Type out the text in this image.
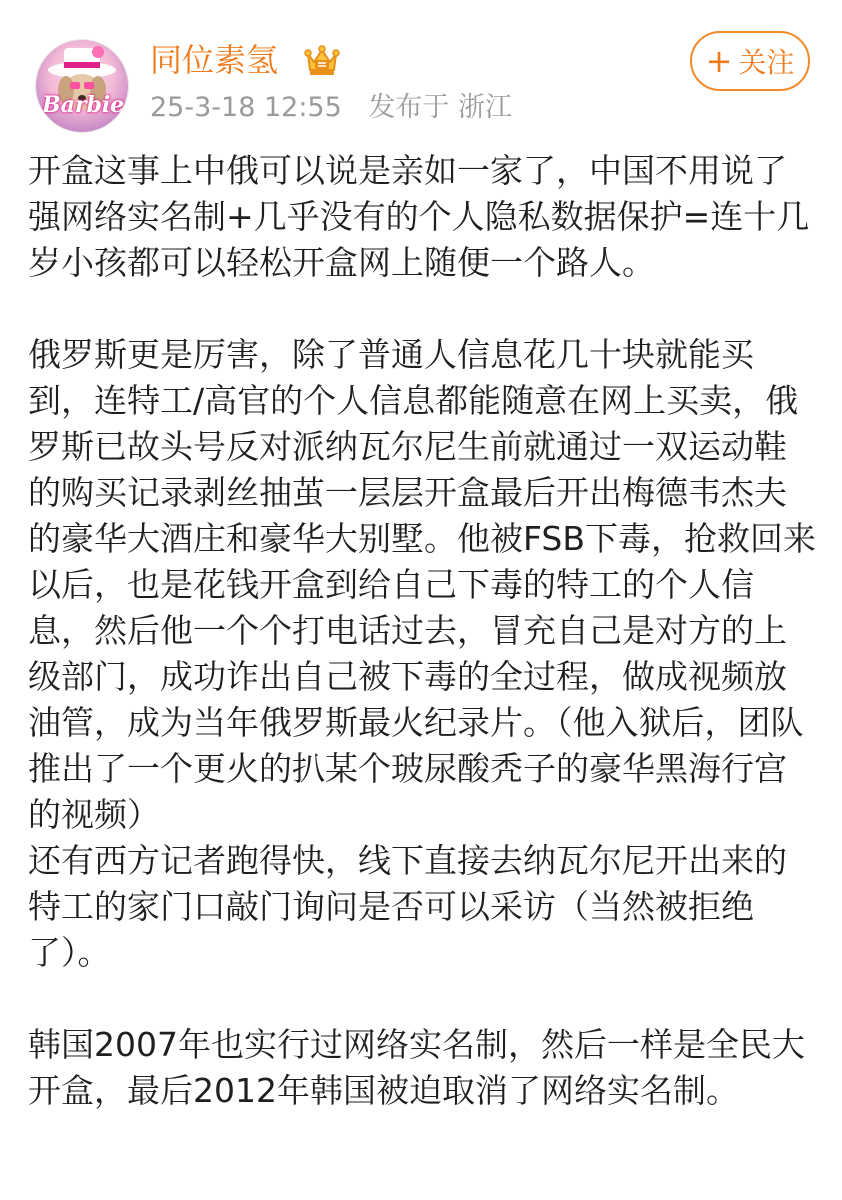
Barbie
同位素氢
25-3-18 12:55 发布于 浙江
+ 关注

开盒这事上中俄可以说是亲如一家了，中国不用说了强网络实名制+几乎没有的个人隐私数据保护=连十几岁小孩都可以轻松开盒网上随便一个路人。

俄罗斯更是厉害，除了普通人信息花几十块就能买到，连特工/高官的个人信息都能随意在网上买卖，俄罗斯已故头号反对派纳瓦尔尼生前就通过一双运动鞋的购买记录剥丝抽茧一层层开盒最后开出梅德韦杰夫的豪华大酒庄和豪华大别墅。他被FSB下毒，抢救回来以后，也是花钱开盒到给自己下毒的特工的个人信息，然后他一个个打电话过去，冒充自己是对方的上级部门，成功诈出自己被下毒的全过程，做成视频放油管，成为当年俄罗斯最火纪录片。（他入狱后，团队推出了一个更火的扒某个玻尿酸秃子的豪华黑海行宫的视频）

还有西方记者跑得快，线下直接去纳瓦尔尼开出来的特工的家门口敲门询问是否可以采访（当然被拒绝了）。

韩国2007年也实行过网络实名制，然后一样是全民大开盒，最后2012年韩国被迫取消了网络实名制。
